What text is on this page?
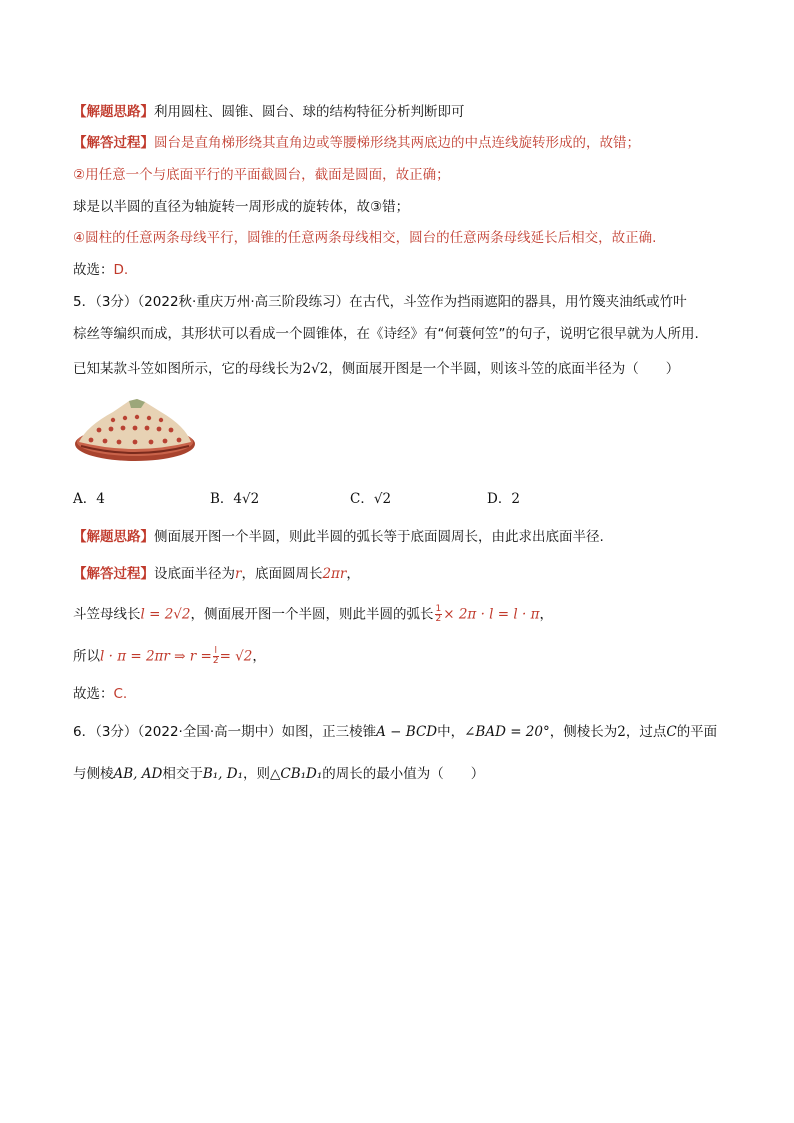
【解题思路】利用圆柱、圆锥、圆台、球的结构特征分析判断即可
【解答过程】圆台是直角梯形绕其直角边或等腰梯形绕其两底边的中点连线旋转形成的，故错；
②用任意一个与底面平行的平面截圆台，截面是圆面，故正确；
球是以半圆的直径为轴旋转一周形成的旋转体，故③错；
④圆柱的任意两条母线平行，圆锥的任意两条母线相交，圆台的任意两条母线延长后相交，故正确.
故选：D.
5．（3分）（2022秋·重庆万州·高三阶段练习）在古代，斗笠作为挡雨遮阳的器具，用竹篾夹油纸或竹叶
棕丝等编织而成，其形状可以看成一个圆锥体，在《诗经》有“何蓑何笠”的句子，说明它很早就为人所用.
已知某款斗笠如图所示，它的母线长为2√2，侧面展开图是一个半圆，则该斗笠的底面半径为（　　）
A．4	B．4√2	C．√2	D．2
【解题思路】侧面展开图一个半圆，则此半圆的弧长等于底面圆周长，由此求出底面半径.
【解答过程】设底面半径为r，底面圆周长2πr，
斗笠母线长l = 2√2，侧面展开图一个半圆，则此半圆的弧长 $\frac{1}{2} \times 2\pi \cdot l = l \cdot \pi$，
所以l · π = 2πr ⇒ $r = \frac{l}{2} = √2$，
故选：C.
6．（3分）（2022·全国·高一期中）如图，正三棱锥A − BCD中，∠BAD = 20°，侧棱长为2，过点C的平面
与侧棱AB, AD相交于B₁, D₁，则△CB₁D₁的周长的最小值为（　　）
